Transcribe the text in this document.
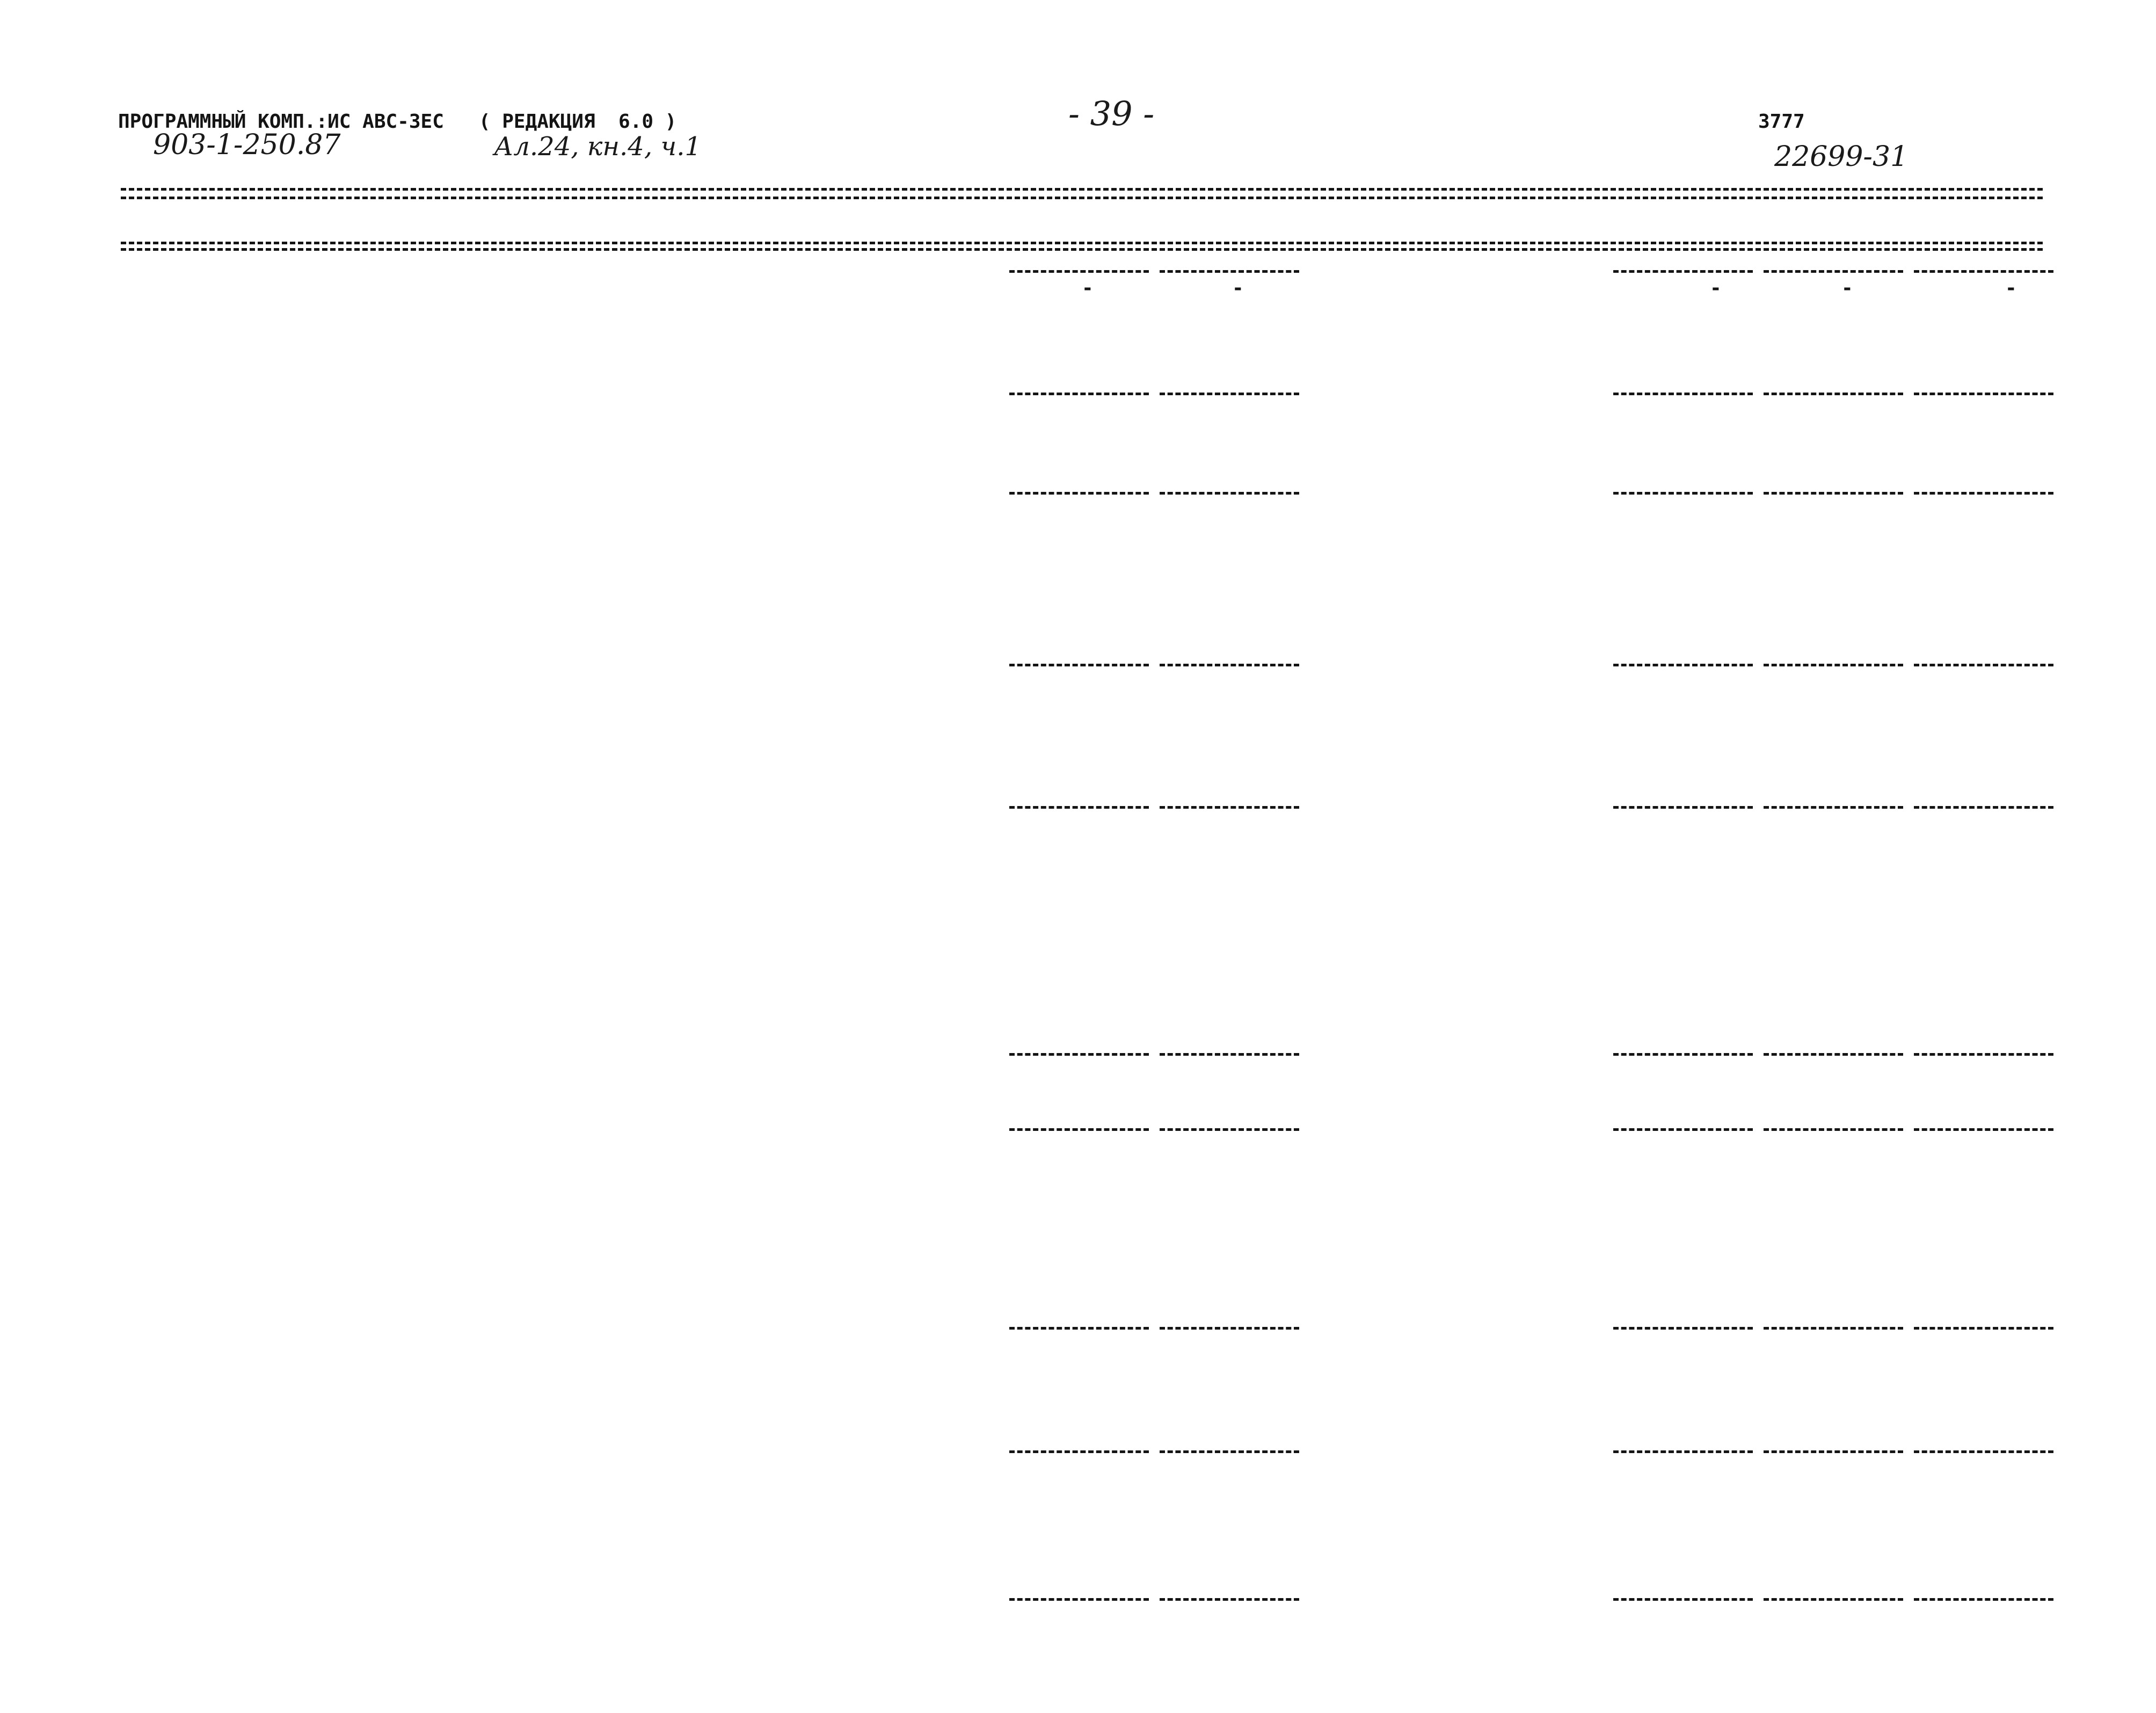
ПРОГРАММНЫЙ КОМП.:ИС АВС-3ЕС   ( РЕДАКЦИЯ  6.0 )
903-1-250.87	Ал.24, кн.4, ч.1
- 39 -	3777
22699-31
-	-	-	-	-
